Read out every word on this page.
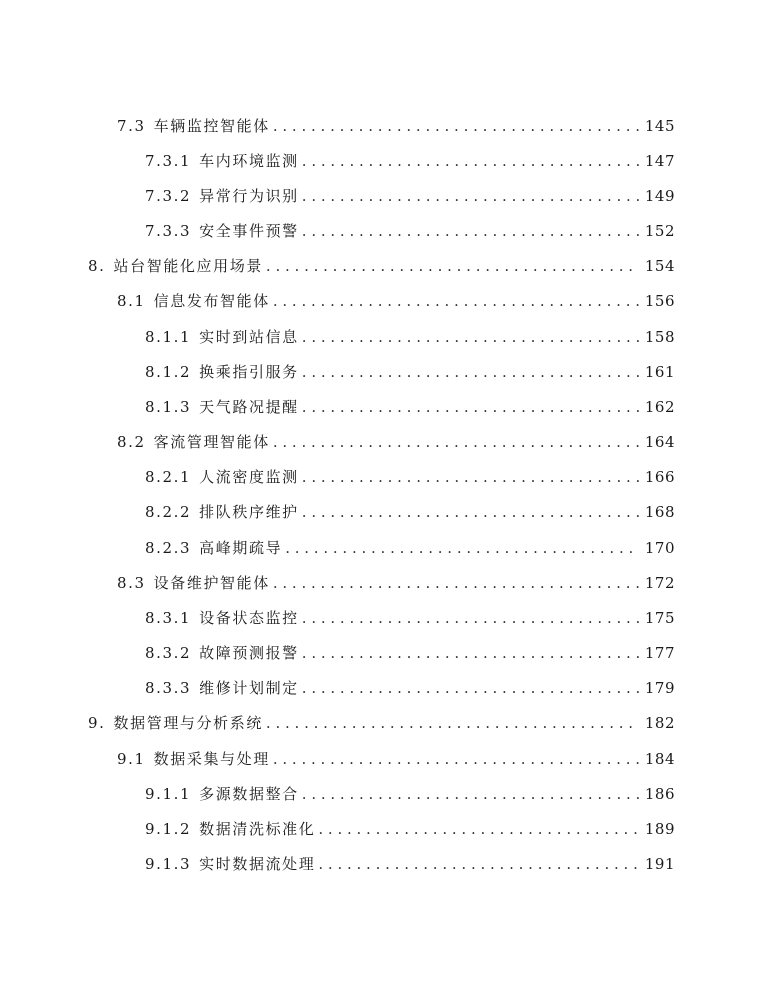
7.3 车辆监控智能体 . . .	145
7.3.1 车内环境监测 . . .	147
7.3.2 异常行为识别 . . .	149
7.3.3 安全事件预警 . . .	152
8. 站台智能化应用场景 . . .	154
8.1 信息发布智能体 . . .	156
8.1.1 实时到站信息 . . .	158
8.1.2 换乘指引服务 . . .	161
8.1.3 天气路况提醒 . . .	162
8.2 客流管理智能体 . . .	164
8.2.1 人流密度监测 . . .	166
8.2.2 排队秩序维护 . . .	168
8.2.3 高峰期疏导 . . .	170
8.3 设备维护智能体 . . .	172
8.3.1 设备状态监控 . . .	175
8.3.2 故障预测报警 . . .	177
8.3.3 维修计划制定 . . .	179
9. 数据管理与分析系统 . . .	182
9.1 数据采集与处理 . . .	184
9.1.1 多源数据整合 . . .	186
9.1.2 数据清洗标准化 . . .	189
9.1.3 实时数据流处理 . . .	191
